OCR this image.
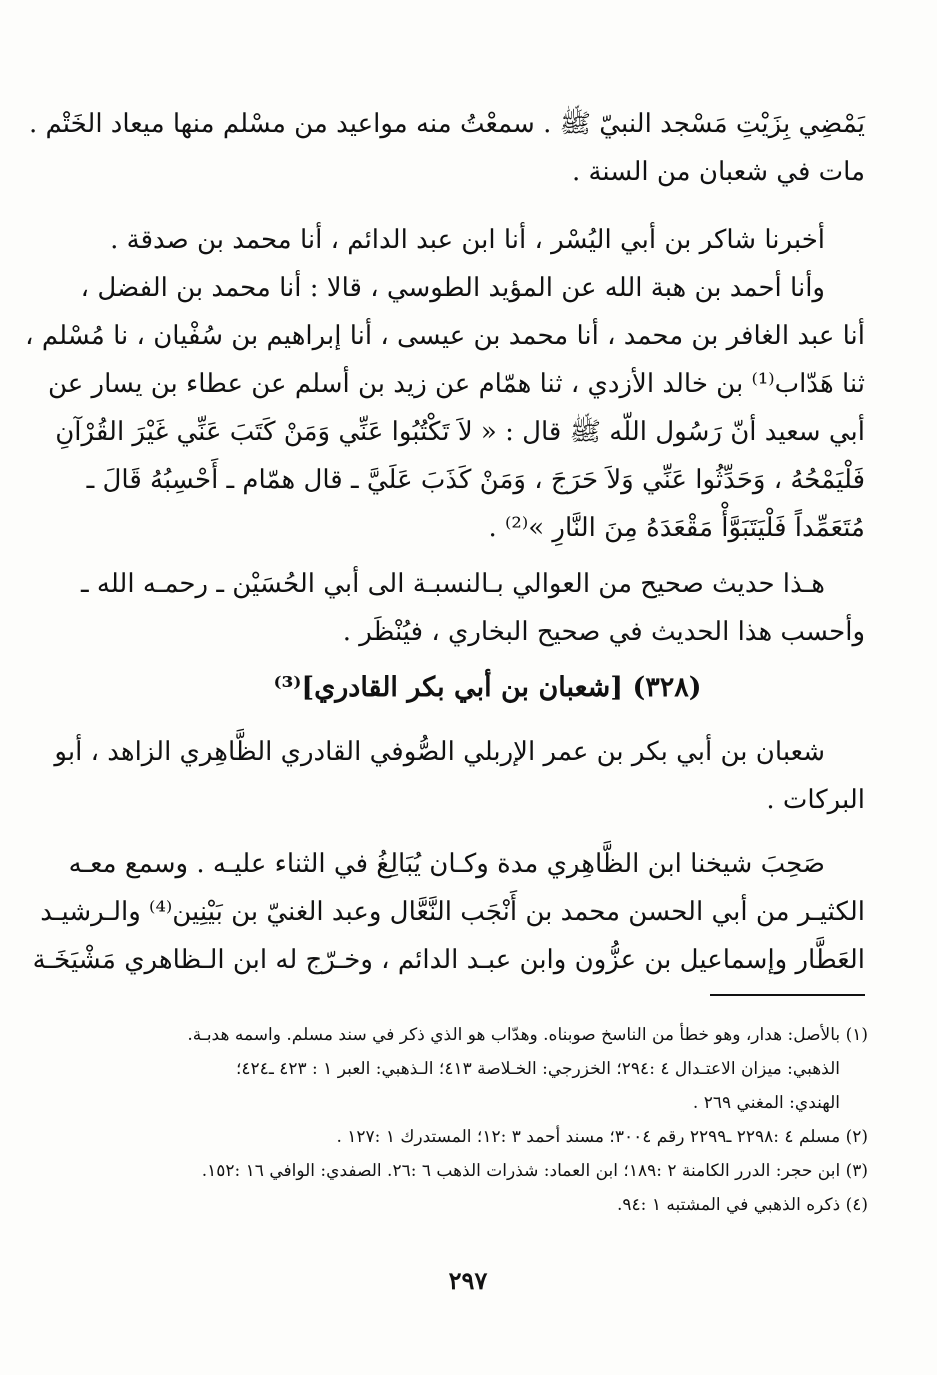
يَمْضِي بِزَيْتِ مَسْجد النبيّ ﷺ . سمعْتُ منه مواعيد من مسْلم منها ميعاد الخَتْم .
مات في شعبان من السنة .
أخبرنا شاكر بن أبي اليُسْر ، أنا ابن عبد الدائم ، أنا محمد بن صدقة .
وأنا أحمد بن هبة الله عن المؤيد الطوسي ، قالا : أنا محمد بن الفضل ،
أنا عبد الغافر بن محمد ، أنا محمد بن عيسى ، أنا إبراهيم بن سُفْيان ، نا مُسْلم ،
ثنا هَدّاب⁽¹⁾ بن خالد الأزدي ، ثنا همّام عن زيد بن أسلم عن عطاء بن يسار عن
أبي سعيد أنّ رَسُول اللّه ﷺ قال : « لاَ تَكْتُبُوا عَنِّي وَمَنْ كَتَبَ عَنِّي غَيْرَ القُرْآنِ
فَلْيَمْحُهُ ، وَحَدِّثُوا عَنِّي وَلاَ حَرَجَ ، وَمَنْ كَذَبَ عَلَيَّ ـ قال همّام ـ أَحْسِبُهُ قَالَ ـ
مُتَعَمِّداً فَلْيَتَبَوَّأْ مَقْعَدَهُ مِنَ النَّارِ »⁽²⁾ .
هـذا حديث صحيح من العوالي بـالنسبـة الى أبي الحُسَيْن ـ رحمـه الله ـ
وأحسب هذا الحديث في صحيح البخاري ، فيُنْظَر .
(٣٢٨) [شعبان بن أبي بكر القادري]⁽³⁾
شعبان بن أبي بكر بن عمر الإربلي الصُّوفي القادري الظَّاهِري الزاهد ، أبو
البركات .
صَحِبَ شيخنا ابن الظَّاهِري مدة وكـان يُبَالِغُ في الثناء عليـه . وسمع معـه
الكثيـر من أبي الحسن محمد بن أَنْجَب النَّعَّال وعبد الغنيّ بن بَيْنِين⁽⁴⁾ والـرشيـد
العَطَّار وإسماعيل بن عزُّون وابن عبـد الدائم ، وخـرّج له ابن الـظاهري مَشْيَخَـة
(١) بالأصل: هدار، وهو خطأ من الناسخ صوبناه. وهدّاب هو الذي ذكر في سند مسلم. واسمه هدبـة.
الذهبي: ميزان الاعتـدال ٤ :٢٩٤؛ الخزرجي: الخـلاصة ٤١٣؛ الـذهبي: العبر ١ : ٤٢٣ ـ٤٢٤؛
الهندي: المغني ٢٦٩ .
(٢) مسلم ٤ :٢٢٩٨ ـ٢٢٩٩ رقم ٣٠٠٤؛ مسند أحمد ٣ :١٢؛ المستدرك ١ :١٢٧ .
(٣) ابن حجر: الدرر الكامنة ٢ :١٨٩؛ ابن العماد: شذرات الذهب ٦ :٢٦. الصفدي: الوافي ١٦ :١٥٢.
(٤) ذكره الذهبي في المشتبه ١ :٩٤.
٢٩٧
